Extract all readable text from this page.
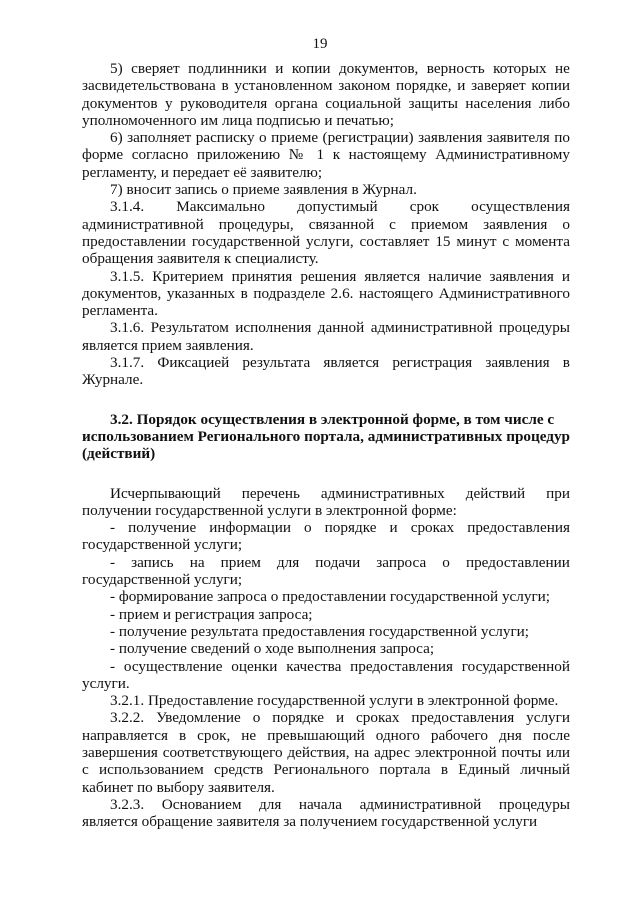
19

5) сверяет подлинники и копии документов, верность которых не
засвидетельствована в установленном законом порядке, и заверяет копии документов у руководителя органа социальной защиты населения либо уполномоченного им лица подписью и печатью;

6) заполняет расписку о приеме (регистрации) заявления заявителя по форме согласно приложению № 1 к настоящему Административному регламенту, и передает её заявителю;

7) вносит запись о приеме заявления в Журнал.

3.1.4. Максимально допустимый срок осуществления
административной процедуры, связанной с приемом заявления о предоставлении государственной услуги, составляет 15 минут с момента обращения заявителя к специалисту.

3.1.5. Критерием принятия решения является наличие заявления и документов, указанных в подразделе 2.6. настоящего Административного регламента.

3.1.6. Результатом исполнения данной административной процедуры является прием заявления.

3.1.7. Фиксацией результата является регистрация заявления в
Журнале.

3.2. Порядок осуществления в электронной форме, в том числе с
использованием Регионального портала, административных процедур (действий)

Исчерпывающий перечень административных действий при
получении государственной услуги в электронной форме:

- получение информации о порядке и сроках предоставления государственной услуги;

- запись на прием для подачи запроса о предоставлении
государственной услуги;

- формирование запроса о предоставлении государственной услуги;

- прием и регистрация запроса;

- получение результата предоставления государственной услуги;

- получение сведений о ходе выполнения запроса;

- осуществление оценки качества предоставления государственной услуги.

3.2.1. Предоставление государственной услуги в электронной форме.

3.2.2. Уведомление о порядке и сроках предоставления услуги направляется в срок, не превышающий одного рабочего дня после завершения соответствующего действия, на адрес электронной почты или с использованием средств Регионального портала в Единый личный кабинет по выбору заявителя.

3.2.3. Основанием для начала административной процедуры
является обращение заявителя за получением государственной услуги
